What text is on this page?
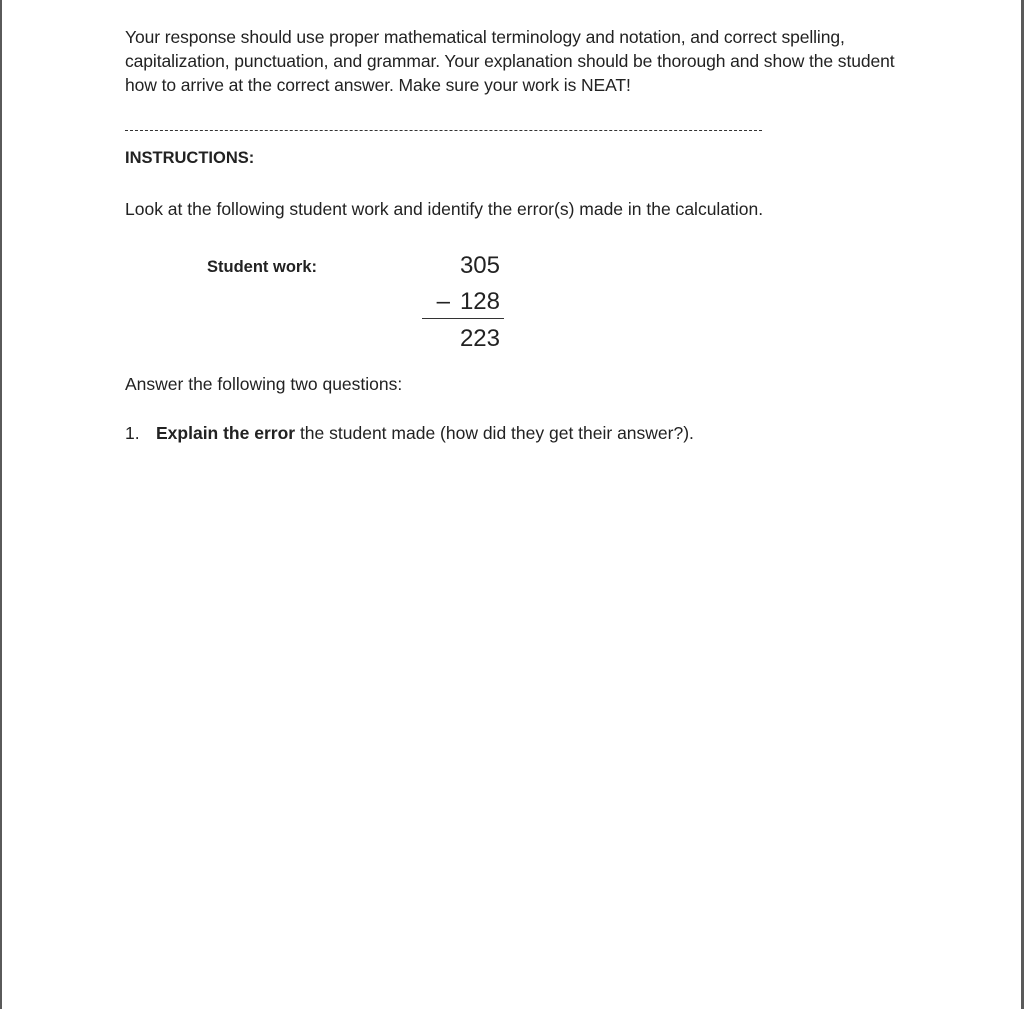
Your response should use proper mathematical terminology and notation, and correct spelling, capitalization, punctuation, and grammar. Your explanation should be thorough and show the student how to arrive at the correct answer. Make sure your work is NEAT!
INSTRUCTIONS:
Look at the following student work and identify the error(s) made in the calculation.
Student work:	305
– 128
223
Answer the following two questions:
1. Explain the error the student made (how did they get their answer?).
